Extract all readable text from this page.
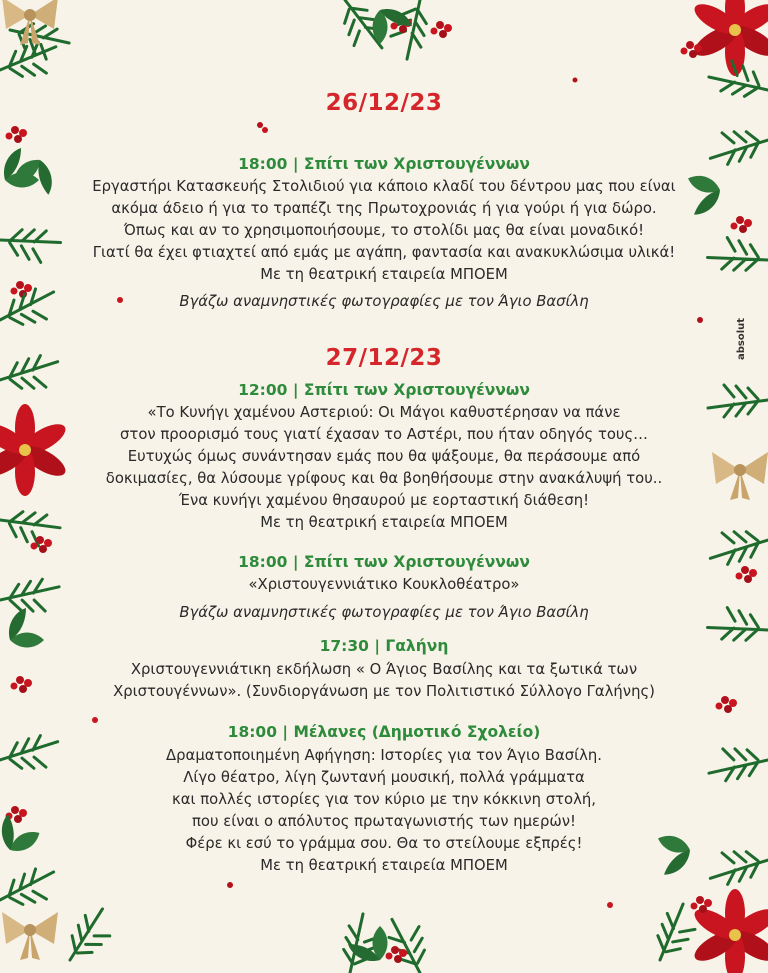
absolut
26/12/23
18:00 | Σπίτι των Χριστουγέννων
Εργαστήρι Κατασκευής Στολιδιού για κάποιο κλαδί του δέντρου μας που είναι
ακόμα άδειο ή για το τραπέζι της Πρωτοχρονιάς ή για γούρι ή για δώρο.
Όπως και αν το χρησιμοποιήσουμε, το στολίδι μας θα είναι μοναδικό!
Γιατί θα έχει φτιαχτεί από εμάς με αγάπη, φαντασία και ανακυκλώσιμα υλικά!
Με τη θεατρική εταιρεία ΜΠΟΕΜ
Βγάζω αναμνηστικές φωτογραφίες με τον Άγιο Βασίλη
27/12/23
12:00 | Σπίτι των Χριστουγέννων
«Το Κυνήγι χαμένου Αστεριού: Οι Μάγοι καθυστέρησαν να πάνε
στον προορισμό τους γιατί έχασαν το Αστέρι, που ήταν οδηγός τους…
Ευτυχώς όμως συνάντησαν εμάς που θα ψάξουμε, θα περάσουμε από
δοκιμασίες, θα λύσουμε γρίφους και θα βοηθήσουμε στην ανακάλυψή του..
Ένα κυνήγι χαμένου θησαυρού με εορταστική διάθεση!
Με τη θεατρική εταιρεία ΜΠΟΕΜ
18:00 | Σπίτι των Χριστουγέννων
«Χριστουγεννιάτικο Κουκλοθέατρο»
Βγάζω αναμνηστικές φωτογραφίες με τον Άγιο Βασίλη
17:30 | Γαλήνη
Χριστουγεννιάτικη εκδήλωση « Ο Άγιος Βασίλης και τα ξωτικά των
Χριστουγέννων». (Συνδιοργάνωση με τον Πολιτιστικό Σύλλογο Γαλήνης)
18:00 | Μέλανες (Δημοτικό Σχολείο)
Δραματοποιημένη Αφήγηση: Ιστορίες για τον Άγιο Βασίλη.
Λίγο θέατρο, λίγη ζωντανή μουσική, πολλά γράμματα
και πολλές ιστορίες για τον κύριο με την κόκκινη στολή,
που είναι ο απόλυτος πρωταγωνιστής των ημερών!
Φέρε κι εσύ το γράμμα σου. Θα το στείλουμε εξπρές!
Με τη θεατρική εταιρεία ΜΠΟΕΜ
